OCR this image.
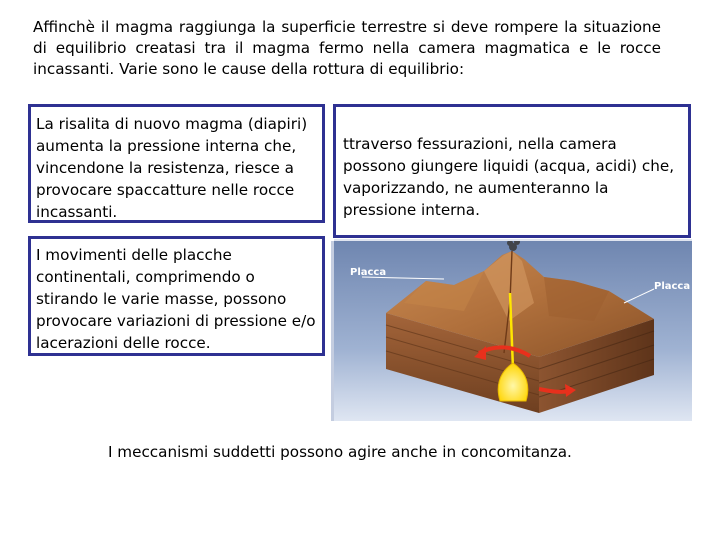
Affinchè il magma raggiunga la superficie terrestre si deve rompere la situazione di equilibrio creatasi tra il magma fermo nella camera magmatica e le rocce incassanti. Varie sono le cause della rottura di equilibrio:
La risalita di nuovo magma (diapiri) aumenta la pressione interna che, vincendone la resistenza, riesce a provocare spaccatture nelle rocce incassanti.
ttraverso fessurazioni, nella camera possono giungere liquidi (acqua, acidi) che, vaporizzando, ne aumenteranno la pressione interna.
I movimenti delle placche continentali, comprimendo o stirando le varie masse, possono provocare variazioni di pressione e/o lacerazioni delle rocce.
Placca
Placca
I meccanismi suddetti possono agire anche in concomitanza.
